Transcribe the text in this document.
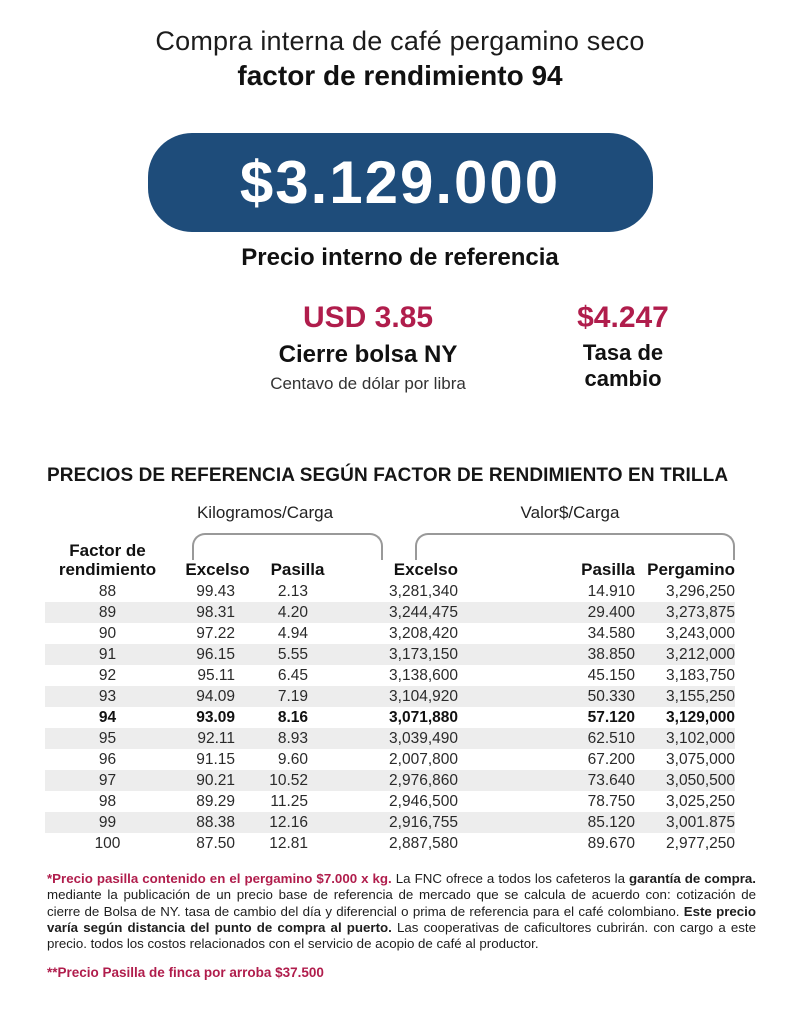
Compra interna de café pergamino seco
factor de rendimiento 94
$3.129.000
Precio interno de referencia
USD 3.85
Cierre bolsa NY
Centavo de dólar por libra
$4.247
Tasa de cambio
PRECIOS DE REFERENCIA SEGÚN FACTOR DE RENDIMIENTO EN TRILLA
Kilogramos/Carga	Valor$/Carga
Factor de rendimiento	Excelso	Pasilla	Excelso	Pasilla Pergamino
88	99.43	2.13	3,281,340	14.910	3,296,250
89	98.31	4.20	3,244,475	29.400	3,273,875
90	97.22	4.94	3,208,420	34.580	3,243,000
91	96.15	5.55	3,173,150	38.850	3,212,000
92	95.11	6.45	3,138,600	45.150	3,183,750
93	94.09	7.19	3,104,920	50.330	3,155,250
94	93.09	8.16	3,071,880	57.120	3,129,000
95	92.11	8.93	3,039,490	62.510	3,102,000
96	91.15	9.60	2,007,800	67.200	3,075,000
97	90.21	10.52	2,976,860	73.640	3,050,500
98	89.29	11.25	2,946,500	78.750	3,025,250
99	88.38	12.16	2,916,755	85.120	3,001.875
100	87.50	12.81	2,887,580	89.670	2,977,250
*Precio pasilla contenido en el pergamino $7.000 x kg. La FNC ofrece a todos los cafeteros la garantía de compra. mediante la publicación de un precio base de referencia de mercado que se calcula de acuerdo con: cotización de cierre de Bolsa de NY. tasa de cambio del día y diferencial o prima de referencia para el café colombiano. Este precio varía según distancia del punto de compra al puerto. Las cooperativas de caficultores cubrirán. con cargo a este precio. todos los costos relacionados con el servicio de acopio de café al productor.
**Precio Pasilla de finca por arroba $37.500
